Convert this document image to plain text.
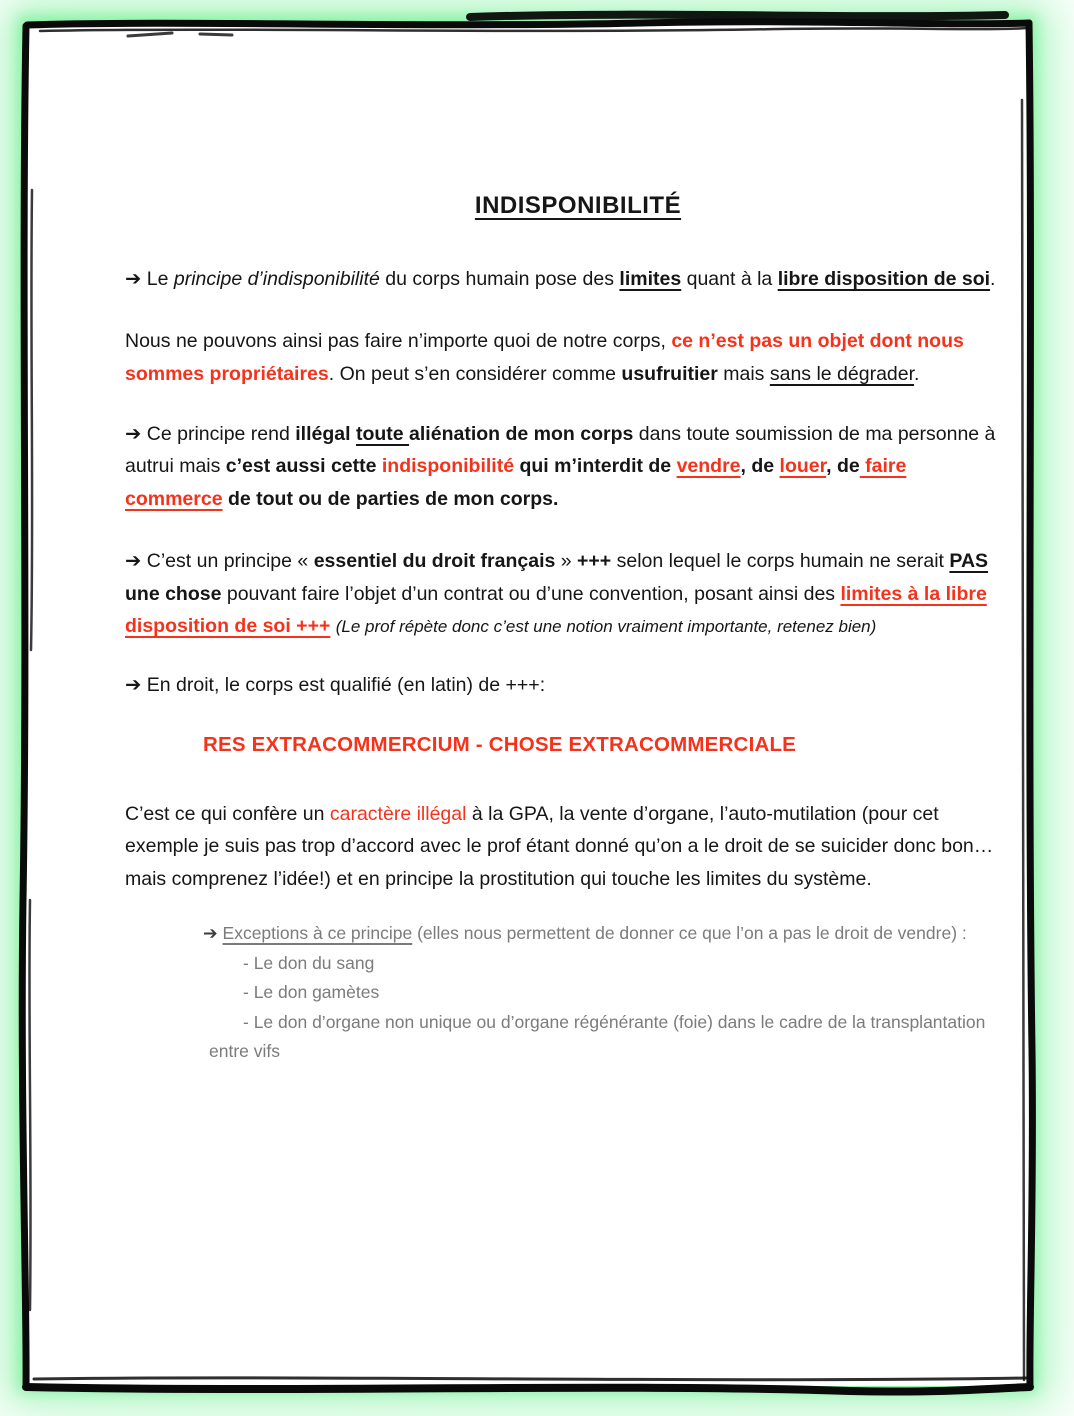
INDISPONIBILITÉ

➔ Le principe d’indisponibilité du corps humain pose des limites quant à la libre disposition de soi.

Nous ne pouvons ainsi pas faire n’importe quoi de notre corps, ce n’est pas un objet dont nous sommes propriétaires. On peut s’en considérer comme usufruitier mais sans le dégrader.

➔ Ce principe rend illégal toute aliénation de mon corps dans toute soumission de ma personne à autrui mais c’est aussi cette indisponibilité qui m’interdit de vendre, de louer, de faire commerce de tout ou de parties de mon corps.

➔ C’est un principe « essentiel du droit français » +++ selon lequel le corps humain ne serait PAS une chose pouvant faire l’objet d’un contrat ou d’une convention, posant ainsi des limites à la libre disposition de soi +++ (Le prof répète donc c’est une notion vraiment importante, retenez bien)

➔ En droit, le corps est qualifié (en latin) de +++:

RES EXTRACOMMERCIUM - CHOSE EXTRACOMMERCIALE

C’est ce qui confère un caractère illégal à la GPA, la vente d’organe, l’auto-mutilation (pour cet exemple je suis pas trop d’accord avec le prof étant donné qu’on a le droit de se suicider donc bon… mais comprenez l’idée!) et en principe la prostitution qui touche les limites du système.

➔ Exceptions à ce principe (elles nous permettent de donner ce que l’on a pas le droit de vendre) :

- Le don du sang
- Le don gamètes
- Le don d’organe non unique ou d’organe régénérante (foie) dans le cadre de la transplantation entre vifs
